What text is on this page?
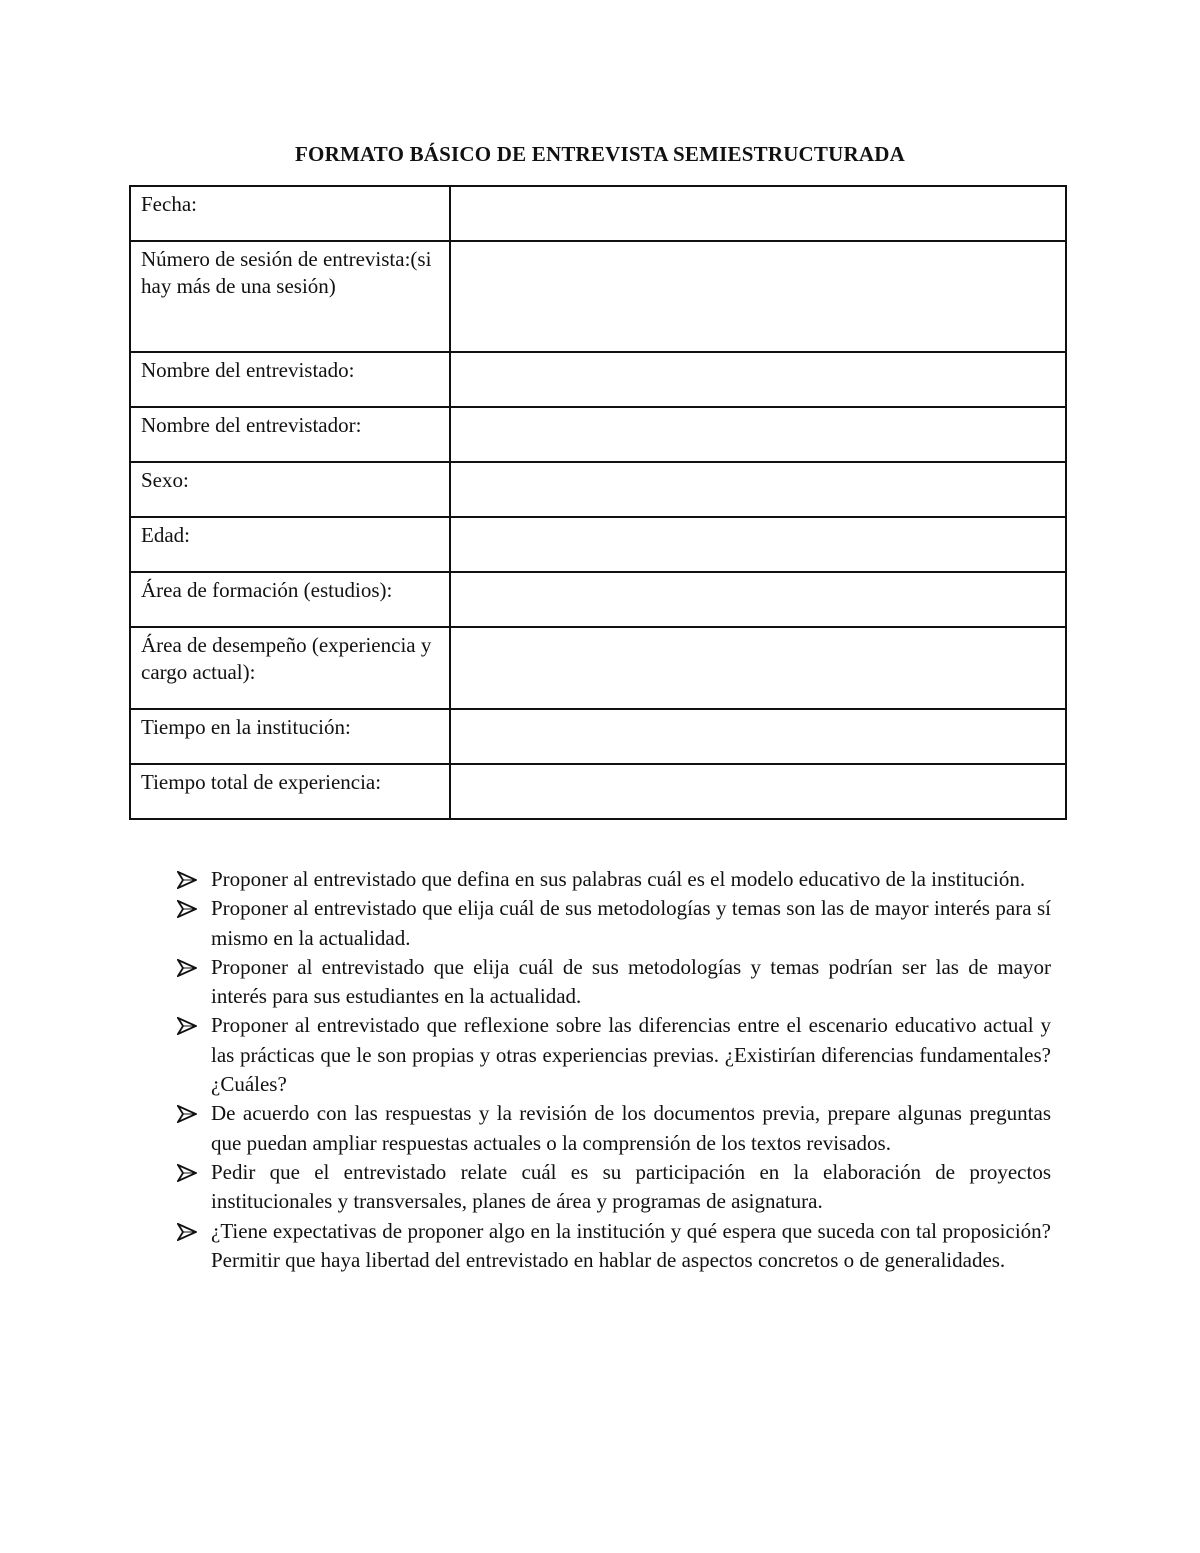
FORMATO BÁSICO DE ENTREVISTA SEMIESTRUCTURADA
Fecha:	
Número de sesión de entrevista:(si hay más de una sesión)	
Nombre del entrevistado:	
Nombre del entrevistador:	
Sexo:	
Edad:	
Área de formación (estudios):	
Área de desempeño (experiencia y cargo actual):	
Tiempo en la institución:	
Tiempo total de experiencia:	
Proponer al entrevistado que defina en sus palabras cuál es el modelo educativo de la institución.
Proponer al entrevistado que elija cuál de sus metodologías y temas son las de mayor interés para sí mismo en la actualidad.
Proponer al entrevistado que elija cuál de sus metodologías y temas podrían ser las de mayor interés para sus estudiantes en la actualidad.
Proponer al entrevistado que reflexione sobre las diferencias entre el escenario educativo actual y las prácticas que le son propias y otras experiencias previas. ¿Existirían diferencias fundamentales? ¿Cuáles?
De acuerdo con las respuestas y la revisión de los documentos previa, prepare algunas preguntas que puedan ampliar respuestas actuales o la comprensión de los textos revisados.
Pedir que el entrevistado relate cuál es su participación en la elaboración de proyectos institucionales y transversales, planes de área y programas de asignatura.
¿Tiene expectativas de proponer algo en la institución y qué espera que suceda con tal proposición? Permitir que haya libertad del entrevistado en hablar de aspectos concretos o de generalidades.
